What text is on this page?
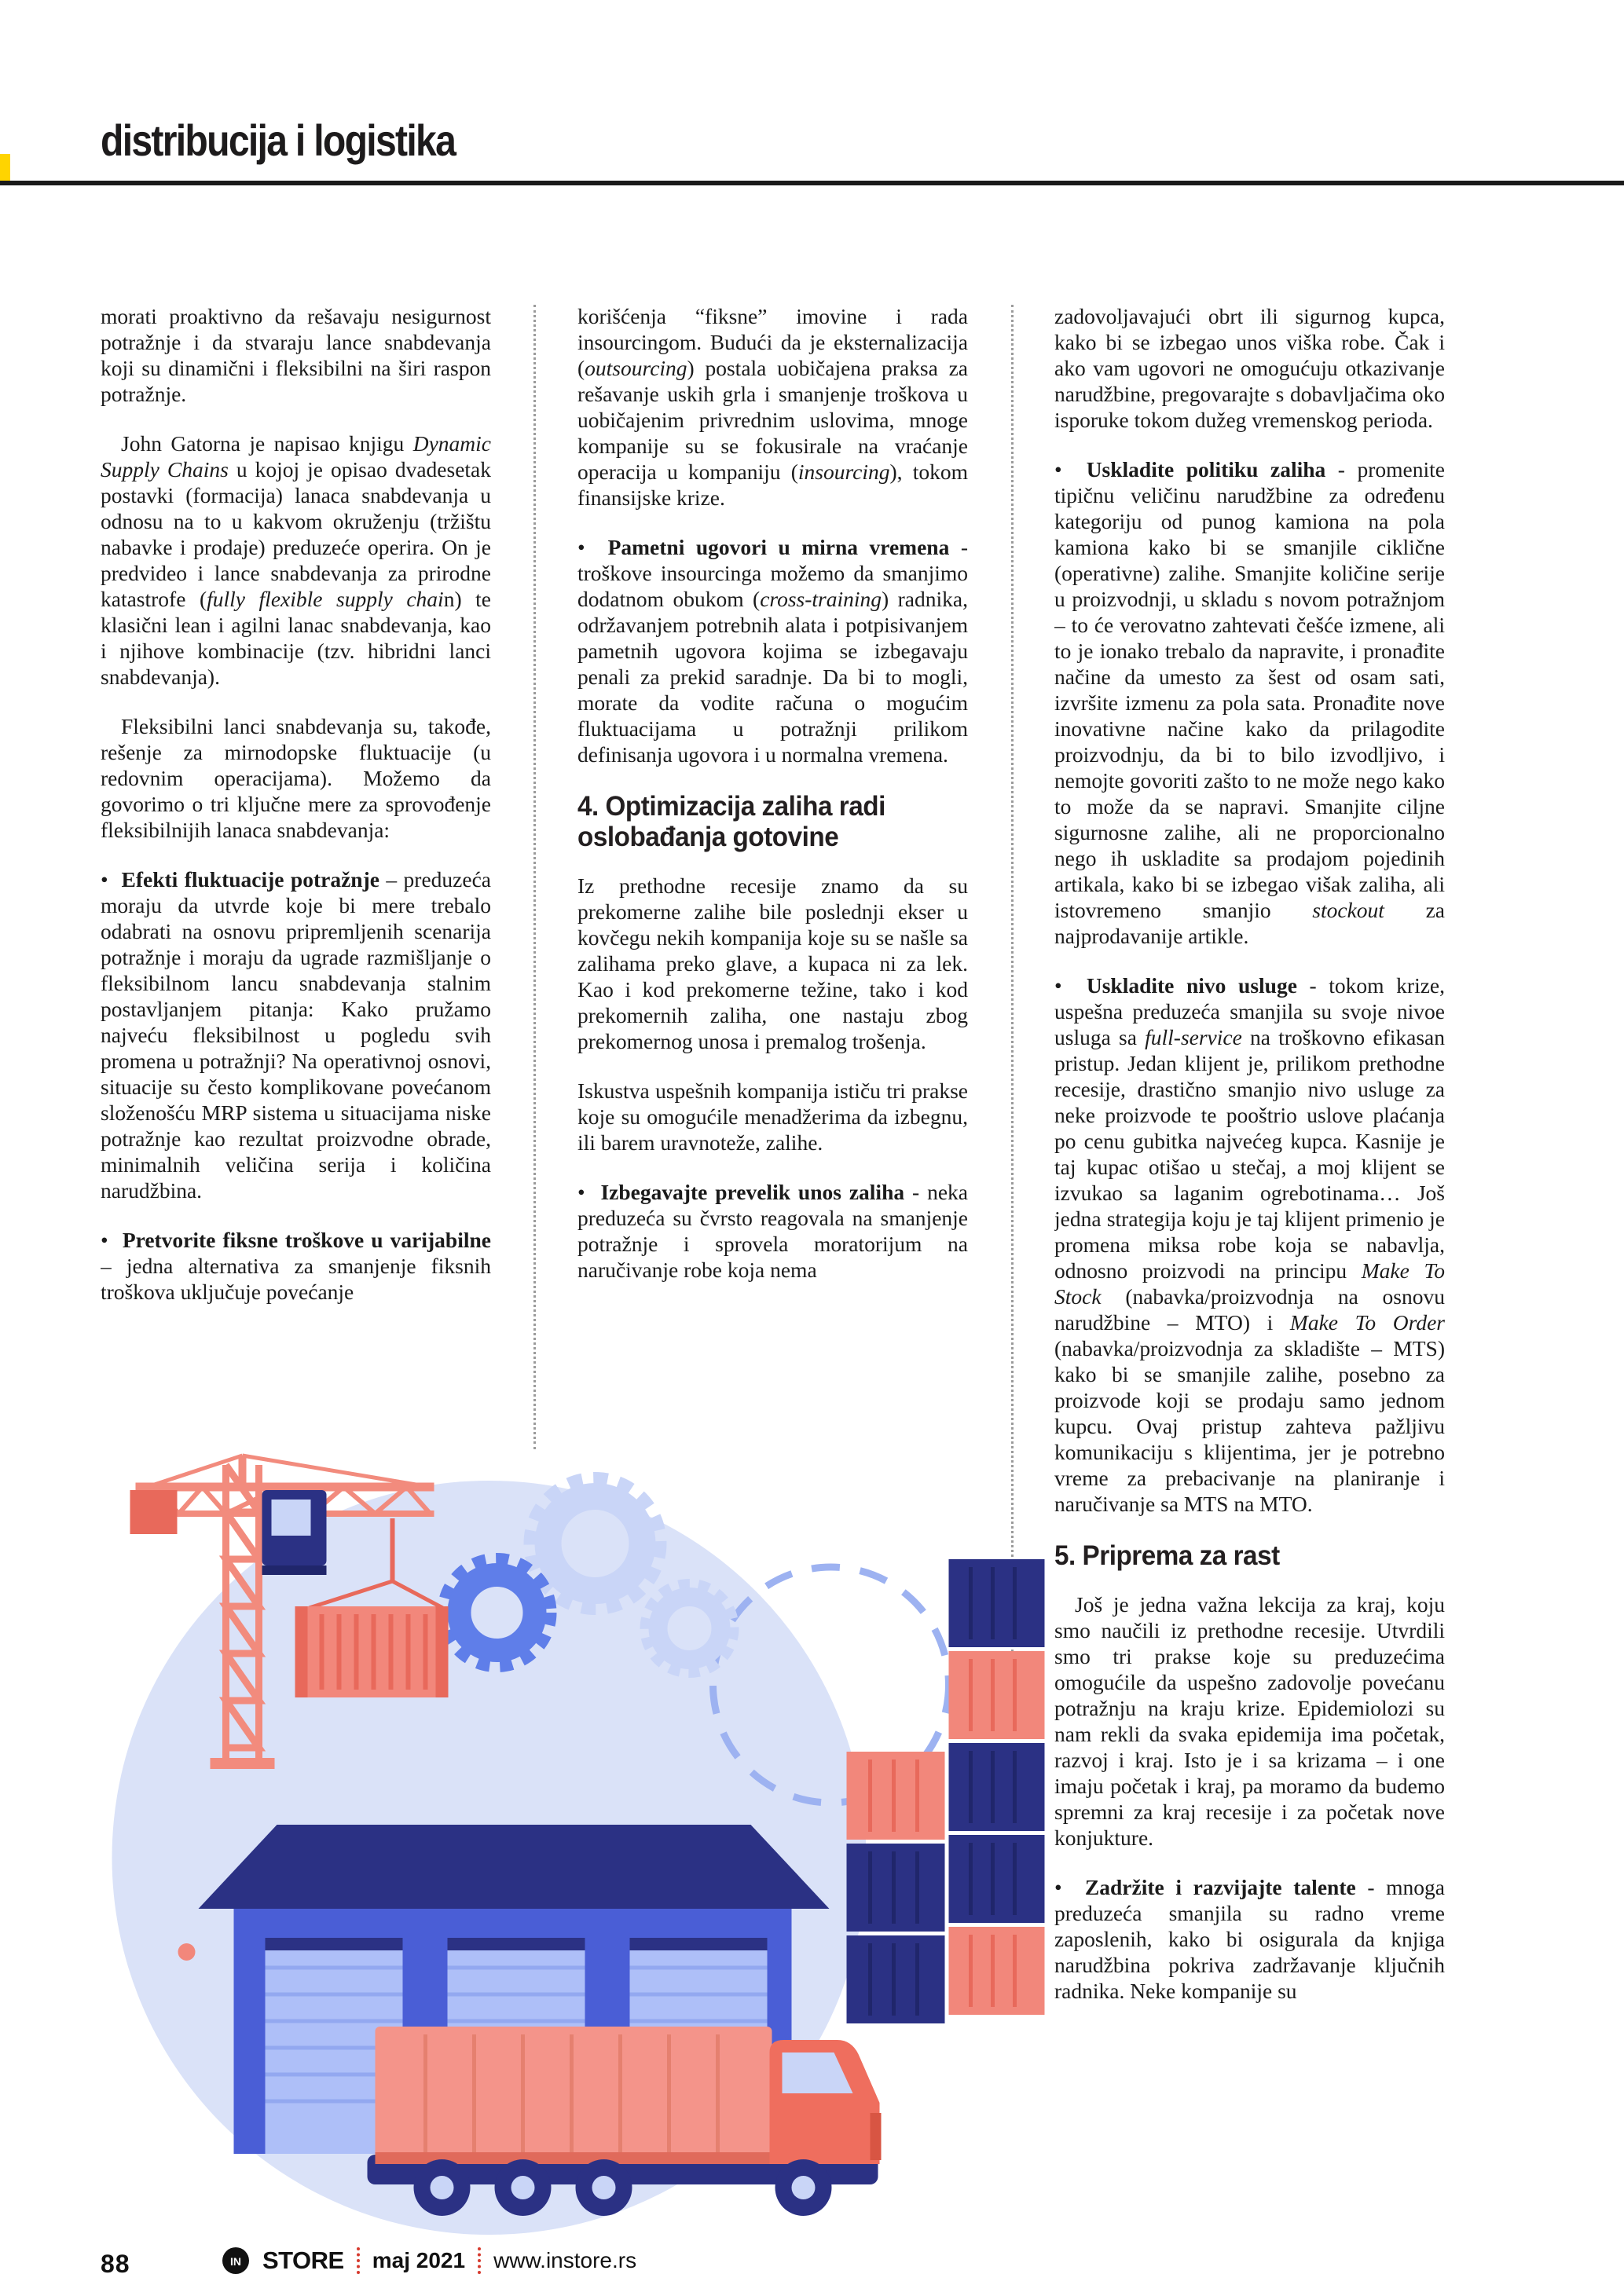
distribucija i logistika

morati proaktivno da rešavaju nesigurnost potražnje i da stvaraju lance snabdevanja koji su dinamični i fleksibilni na širi raspon potražnje.

John Gatorna je napisao knjigu Dynamic Supply Chains u kojoj je opisao dvadesetak postavki (formacija) lanaca snabdevanja u odnosu na to u kakvom okruženju (tržištu nabavke i prodaje) preduzeće operira. On je predvideo i lance snabdevanja za prirodne katastrofe (fully flexible supply chain) te klasični lean i agilni lanac snabdevanja, kao i njihove kombinacije (tzv. hibridni lanci snabdevanja).

Fleksibilni lanci snabdevanja su, takođe, rešenje za mirnodopske fluktuacije (u redovnim operacijama). Možemo da govorimo o tri ključne mere za sprovođenje fleksibilnijih lanaca snabdevanja:

•  Efekti fluktuacije potražnje – preduzeća moraju da utvrde koje bi mere trebalo odabrati na osnovu pripremljenih scenarija potražnje i moraju da ugrade razmišljanje o fleksibilnom lancu snabdevanja stalnim postavljanjem pitanja: Kako pružamo najveću fleksibilnost u pogledu svih promena u potražnji? Na operativnoj osnovi, situacije su često komplikovane povećanom složenošću MRP sistema u situacijama niske potražnje kao rezultat proizvodne obrade, minimalnih veličina serija i količina narudžbina.

•  Pretvorite fiksne troškove u varijabilne – jedna alternativa za smanjenje fiksnih troškova uključuje povećanje

korišćenja “fiksne” imovine i rada insourcingom. Budući da je eksternalizacija (outsourcing) postala uobičajena praksa za rešavanje uskih grla i smanjenje troškova u uobičajenim privrednim uslovima, mnoge kompanije su se fokusirale na vraćanje operacija u kompaniju (insourcing), tokom finansijske krize.

•  Pametni ugovori u mirna vremena - troškove insourcinga možemo da smanjimo dodatnom obukom (cross-training) radnika, održavanjem potrebnih alata i potpisivanjem pametnih ugovora kojima se izbegavaju penali za prekid saradnje. Da bi to mogli, morate da vodite računa o mogućim fluktuacijama u potražnji prilikom definisanja ugovora i u normalna vremena.

4. Optimizacija zaliha radi oslobađanja gotovine

Iz prethodne recesije znamo da su prekomerne zalihe bile poslednji ekser u kovčegu nekih kompanija koje su se našle sa zalihama preko glave, a kupaca ni za lek. Kao i kod prekomerne težine, tako i kod prekomernih zaliha, one nastaju zbog prekomernog unosa i premalog trošenja.

Iskustva uspešnih kompanija ističu tri prakse koje su omogućile menadžerima da izbegnu, ili barem uravnoteže, zalihe.

•  Izbegavajte prevelik unos zaliha - neka preduzeća su čvrsto reagovala na smanjenje potražnje i sprovela moratorijum na naručivanje robe koja nema

zadovoljavajući obrt ili sigurnog kupca, kako bi se izbegao unos viška robe. Čak i ako vam ugovori ne omogućuju otkazivanje narudžbine, pregovarajte s dobavljačima oko isporuke tokom dužeg vremenskog perioda.

•  Uskladite politiku zaliha - promenite tipičnu veličinu narudžbine za određenu kategoriju od punog kamiona na pola kamiona kako bi se smanjile ciklične (operativne) zalihe. Smanjite količine serije u proizvodnji, u skladu s novom potražnjom – to će verovatno zahtevati češće izmene, ali to je ionako trebalo da napravite, i pronađite načine da umesto za šest od osam sati, izvršite izmenu za pola sata. Pronađite nove inovativne načine kako da prilagodite proizvodnju, da bi to bilo izvodljivo, i nemojte govoriti zašto to ne može nego kako to može da se napravi. Smanjite ciljne sigurnosne zalihe, ali ne proporcionalno nego ih uskladite sa prodajom pojedinih artikala, kako bi se izbegao višak zaliha, ali istovremeno smanjio stockout za najprodavanije artikle.

•  Uskladite nivo usluge - tokom krize, uspešna preduzeća smanjila su svoje nivoe usluga sa full-service na troškovno efikasan pristup. Jedan klijent je, prilikom prethodne recesije, drastično smanjio nivo usluge za neke proizvode te pooštrio uslove plaćanja po cenu gubitka najvećeg kupca. Kasnije je taj kupac otišao u stečaj, a moj klijent se izvukao sa laganim ogrebotinama… Još jedna strategija koju je taj klijent primenio je promena miksa robe koja se nabavlja, odnosno proizvodi na principu Make To Stock (nabavka/proizvodnja na osnovu narudžbine – MTO) i Make To Order (nabavka/proizvodnja za skladište – MTS) kako bi se smanjile zalihe, posebno za proizvode koji se prodaju samo jednom kupcu. Ovaj pristup zahteva pažljivu komunikaciju s klijentima, jer je potrebno vreme za prebacivanje na planiranje i naručivanje sa MTS na MTO.

5. Priprema za rast

Još je jedna važna lekcija za kraj, koju smo naučili iz prethodne recesije. Utvrdili smo tri prakse koje su preduzećima omogućile da uspešno zadovolje povećanu potražnju na kraju krize. Epidemiolozi su nam rekli da svaka epidemija ima početak, razvoj i kraj. Isto je i sa krizama – i one imaju početak i kraj, pa moramo da budemo spremni za kraj recesije i za početak nove konjukture.

•  Zadržite i razvijajte talente - mnoga preduzeća smanjila su radno vreme zaposlenih, kako bi osigurala da knjiga narudžbina pokriva zadržavanje ključnih radnika. Neke kompanije su

88	IN STORE maj 2021 www.instore.rs
